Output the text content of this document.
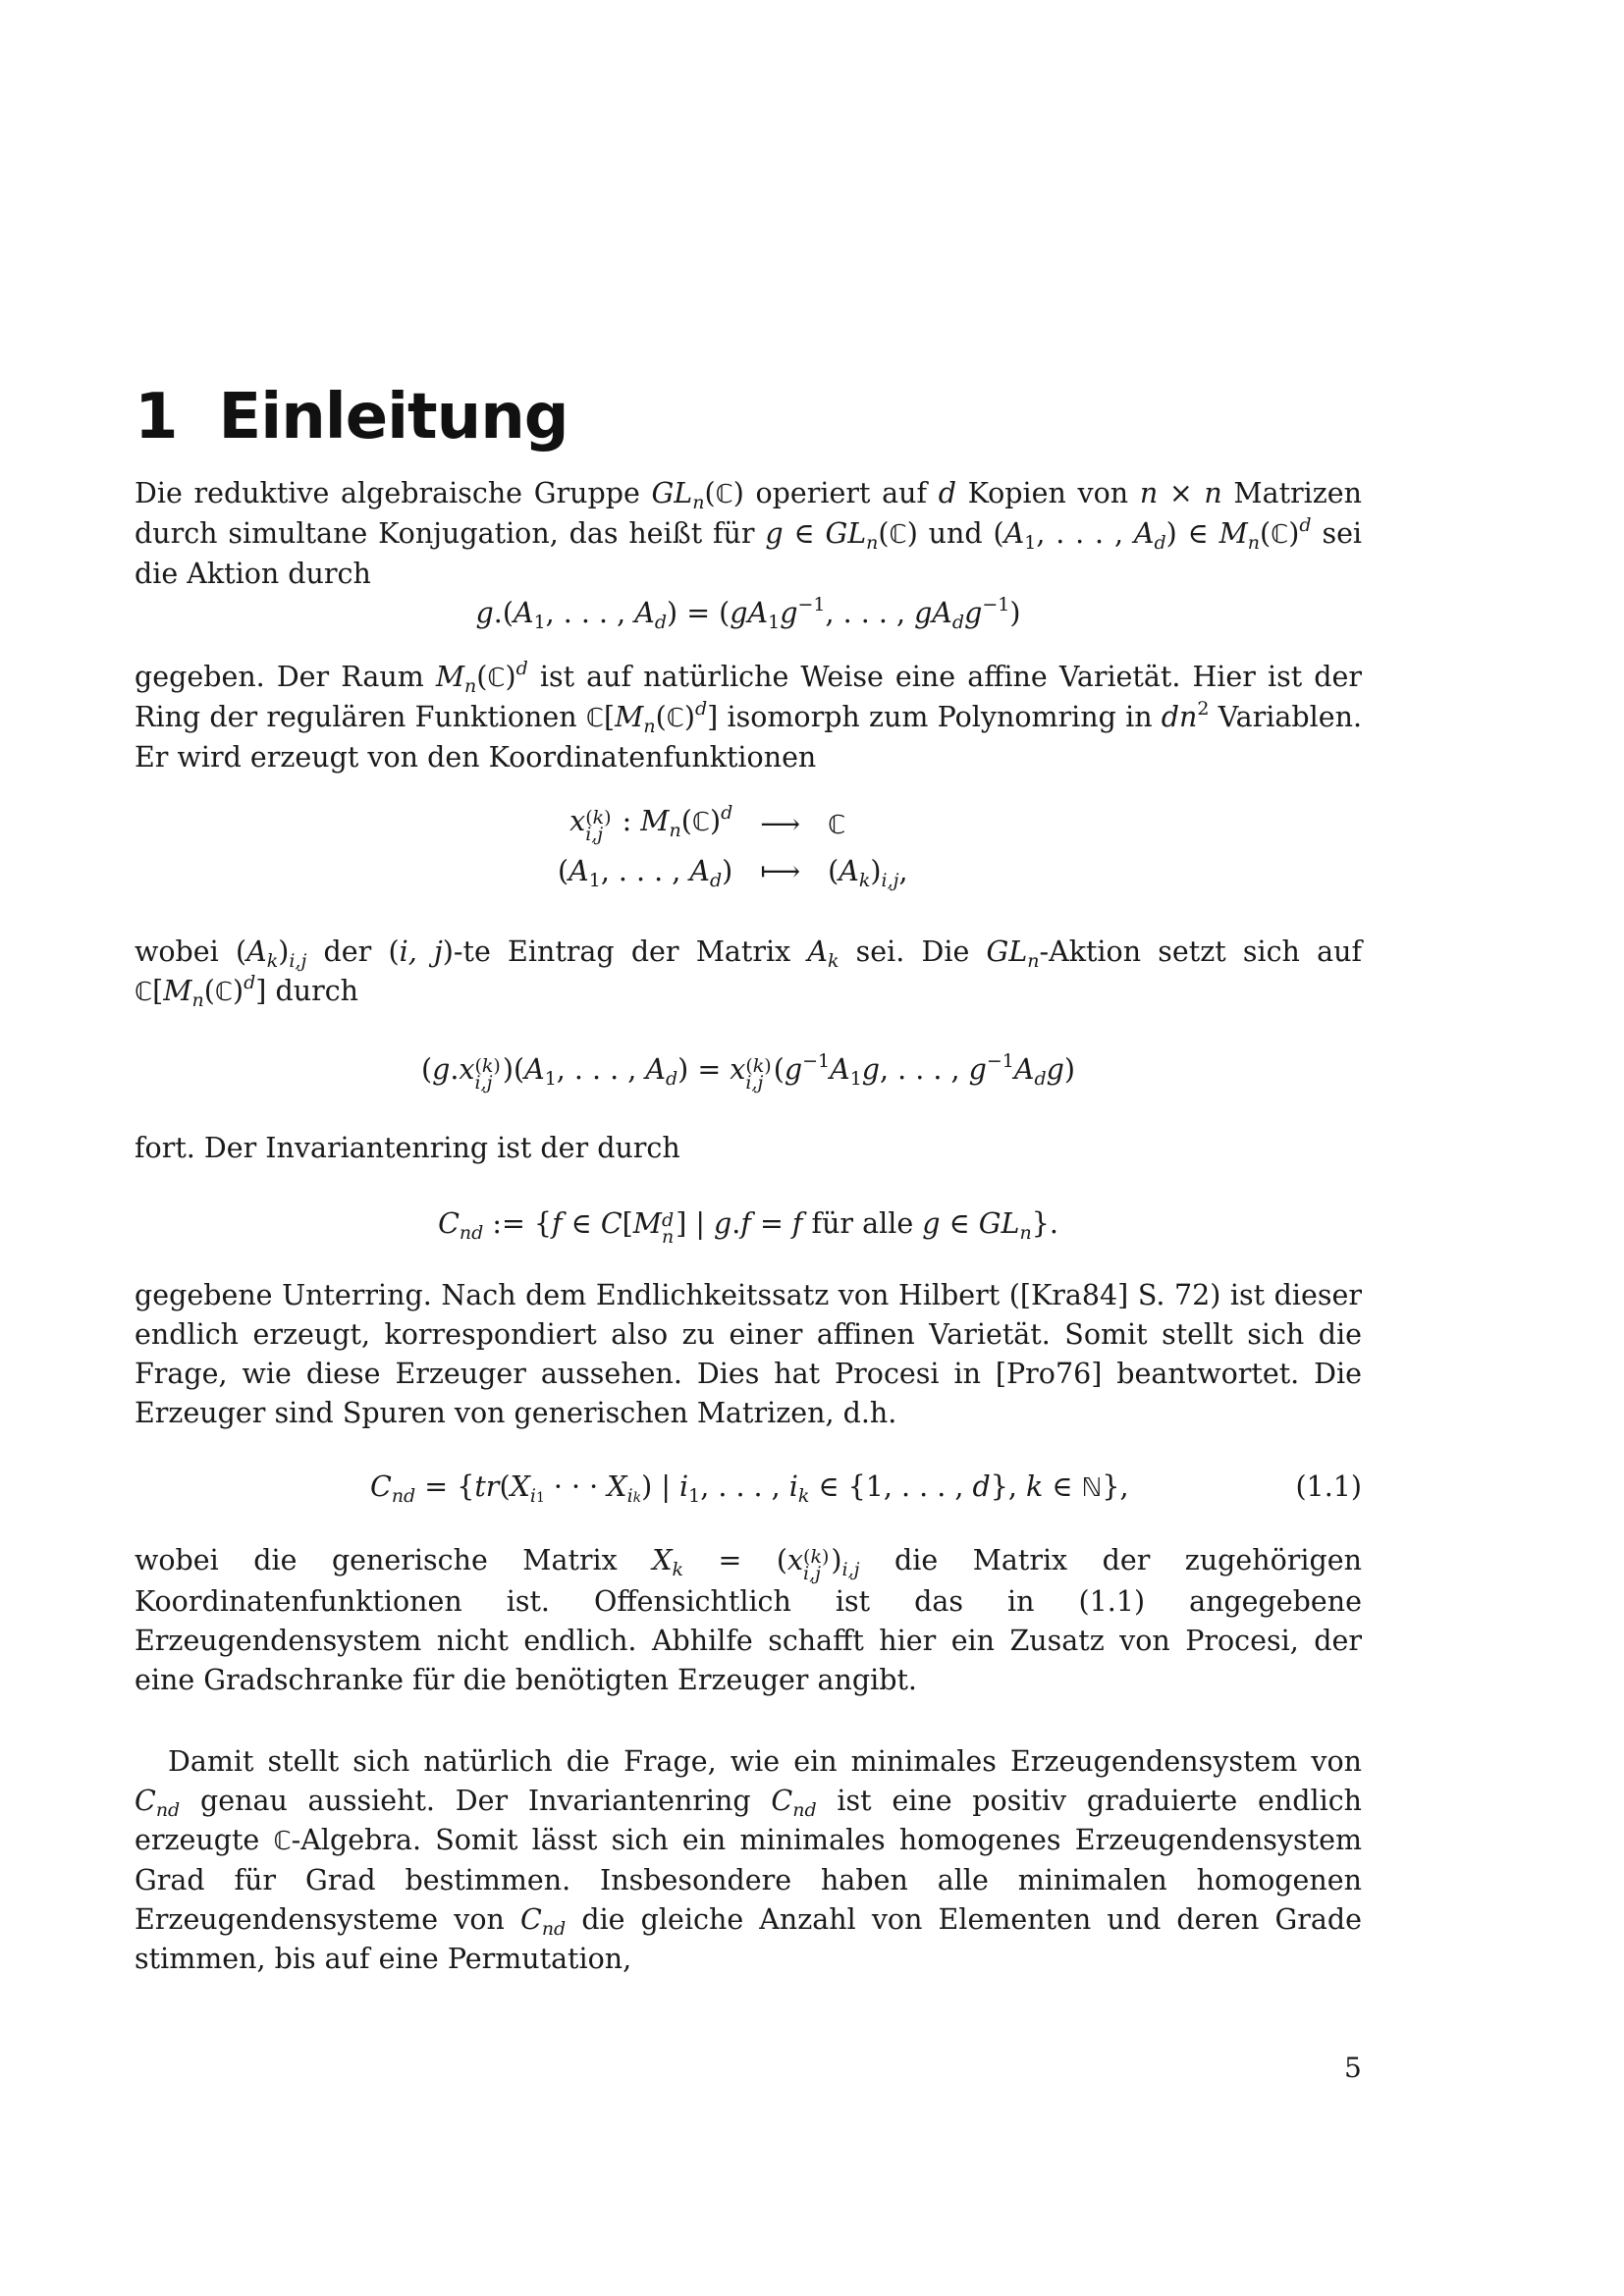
1 Einleitung
Die reduktive algebraische Gruppe $GL_n(ℂ)$ operiert auf d Kopien von n × n Matrizen durch simultane Konjugation, das heißt für g ∈ $GL_n(ℂ)$ und ($A_1$, . . . , $A_d$) ∈ $M_n(ℂ)^d$ sei die Aktion durch
$g.(A_1$, . . . , $A_d) = (gA_1g^{-1}$, . . . , $gA_dg^{-1}$)
gegeben. Der Raum $M_n(ℂ)^d$ ist auf natürliche Weise eine affine Varietät. Hier ist der Ring der regulären Funktionen $ℂ[M_n(ℂ)^d]$ isomorph zum Polynomring in $dn^2$ Variablen. Er wird erzeugt von den Koordinatenfunktionen
x (k)
i,j : $M_n(ℂ)^d$	⟶	ℂ
($A_1$, . . . , $A_d$)	⟼	$(A_k)_{i,j}$,
wobei $(A_k)_{i,j}$ der (i, j)-te Eintrag der Matrix $A_k$ sei. Die $GL_n$-Aktion setzt sich auf $ℂ[M_n(ℂ)^d]$ durch
(g.x (k)
i,j )($A_1$, . . . , $A_d) = x$ (k)
i,j ($g^{-1}A_1g$, . . . , $g^{-1}A_dg$)
fort. Der Invariantenring ist der durch
$C_{nd}$ := {f ∈ C[M d
n ] | g.f = f für alle g ∈ $GL_n$}.
gegebene Unterring. Nach dem Endlichkeitssatz von Hilbert ([Kra84] S. 72) ist dieser endlich erzeugt, korrespondiert also zu einer affinen Varietät. Somit stellt sich die Frage, wie diese Erzeuger aussehen. Dies hat Procesi in [Pro76] beantwortet. Die Erzeuger sind Spuren von generischen Matrizen, d.h.
$C_{nd} = \{tr(X_{i1}$ · · · $X_{ik}$) | $i_1$, . . . , $i_k$ ∈ {1, . . . , d}, k ∈ ℕ},	(1.1)
wobei die generische Matrix $X_k = (x$ (k)
i,j )$_{i,j}$ die Matrix der zugehörigen Koordinatenfunktionen ist. Offensichtlich ist das in (1.1) angegebene Erzeugendensystem nicht endlich. Abhilfe schafft hier ein Zusatz von Procesi, der eine Gradschranke für die benötigten Erzeuger angibt.
Damit stellt sich natürlich die Frage, wie ein minimales Erzeugendensystem von $C_{nd}$ genau aussieht. Der Invariantenring $C_{nd}$ ist eine positiv graduierte endlich erzeugte ℂ-Algebra. Somit lässt sich ein minimales homogenes Erzeugendensystem Grad für Grad bestimmen. Insbesondere haben alle minimalen homogenen Erzeugendensysteme von $C_{nd}$ die gleiche Anzahl von Elementen und deren Grade stimmen, bis auf eine Permutation,
5
